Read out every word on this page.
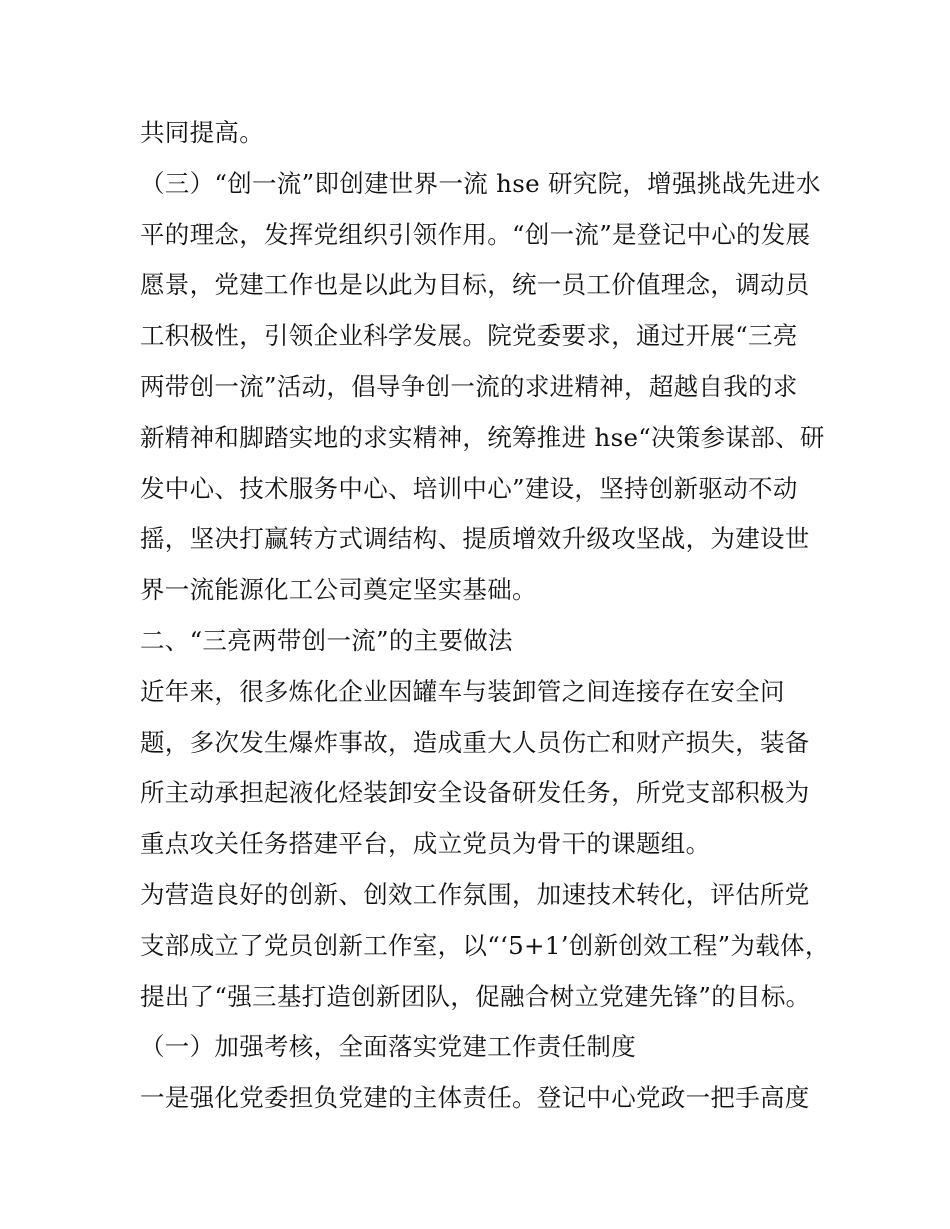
共同提高。
（三）“创一流”即创建世界一流 hse 研究院，增强挑战先进水
平的理念，发挥党组织引领作用。“创一流”是登记中心的发展
愿景，党建工作也是以此为目标，统一员工价值理念，调动员
工积极性，引领企业科学发展。院党委要求，通过开展“三亮
两带创一流”活动，倡导争创一流的求进精神，超越自我的求
新精神和脚踏实地的求实精神，统筹推进 hse“决策参谋部、研
发中心、技术服务中心、培训中心”建设，坚持创新驱动不动
摇，坚决打赢转方式调结构、提质增效升级攻坚战，为建设世
界一流能源化工公司奠定坚实基础。
二、“三亮两带创一流”的主要做法
近年来，很多炼化企业因罐车与装卸管之间连接存在安全问
题，多次发生爆炸事故，造成重大人员伤亡和财产损失，装备
所主动承担起液化烃装卸安全设备研发任务，所党支部积极为
重点攻关任务搭建平台，成立党员为骨干的课题组。
为营造良好的创新、创效工作氛围，加速技术转化，评估所党
支部成立了党员创新工作室，以“‘5+1’创新创效工程”为载体，
提出了“强三基打造创新团队，促融合树立党建先锋”的目标。
（一）加强考核，全面落实党建工作责任制度
一是强化党委担负党建的主体责任。登记中心党政一把手高度
